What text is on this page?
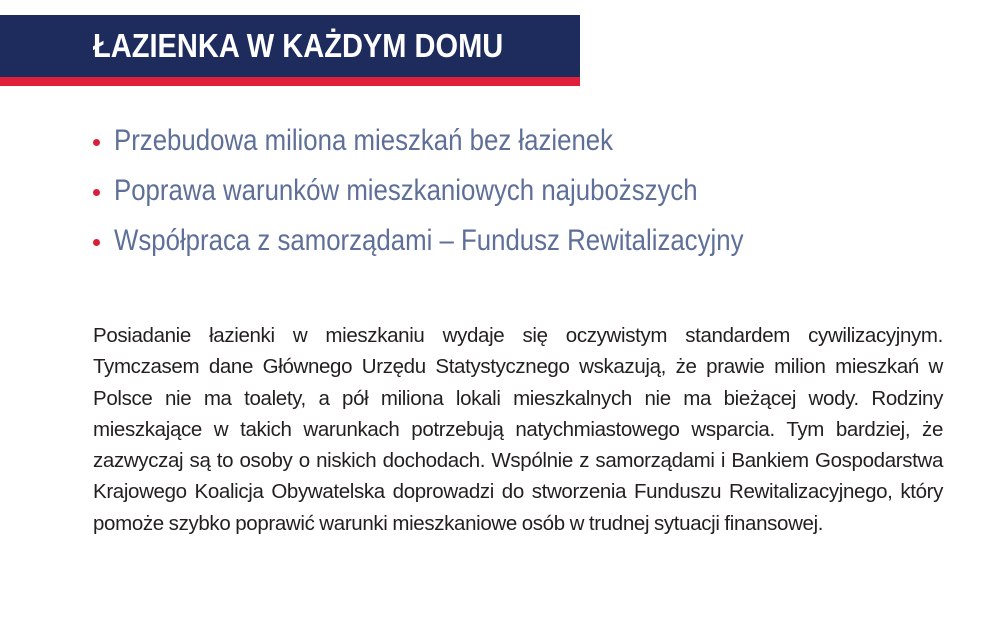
ŁAZIENKA W KAŻDYM DOMU
Przebudowa miliona mieszkań bez łazienek
Poprawa warunków mieszkaniowych najuboższych
Współpraca z samorządami – Fundusz Rewitalizacyjny

Posiadanie łazienki w mieszkaniu wydaje się oczywistym standardem cywilizacyjnym. Tymczasem dane Głównego Urzędu Statystycznego wskazują, że prawie milion mieszkań w Polsce nie ma toalety, a pół miliona lokali mieszkalnych nie ma bieżącej wody. Rodziny mieszkające w takich warunkach potrzebują natychmiastowego wsparcia. Tym bardziej, że zazwyczaj są to osoby o niskich dochodach. Wspólnie z samorządami i Bankiem Gospodarstwa Krajowego Koalicja Obywatelska doprowadzi do stworzenia Funduszu Rewitalizacyjnego, który pomoże szybko poprawić warunki mieszkaniowe osób w trudnej sytuacji finansowej.
